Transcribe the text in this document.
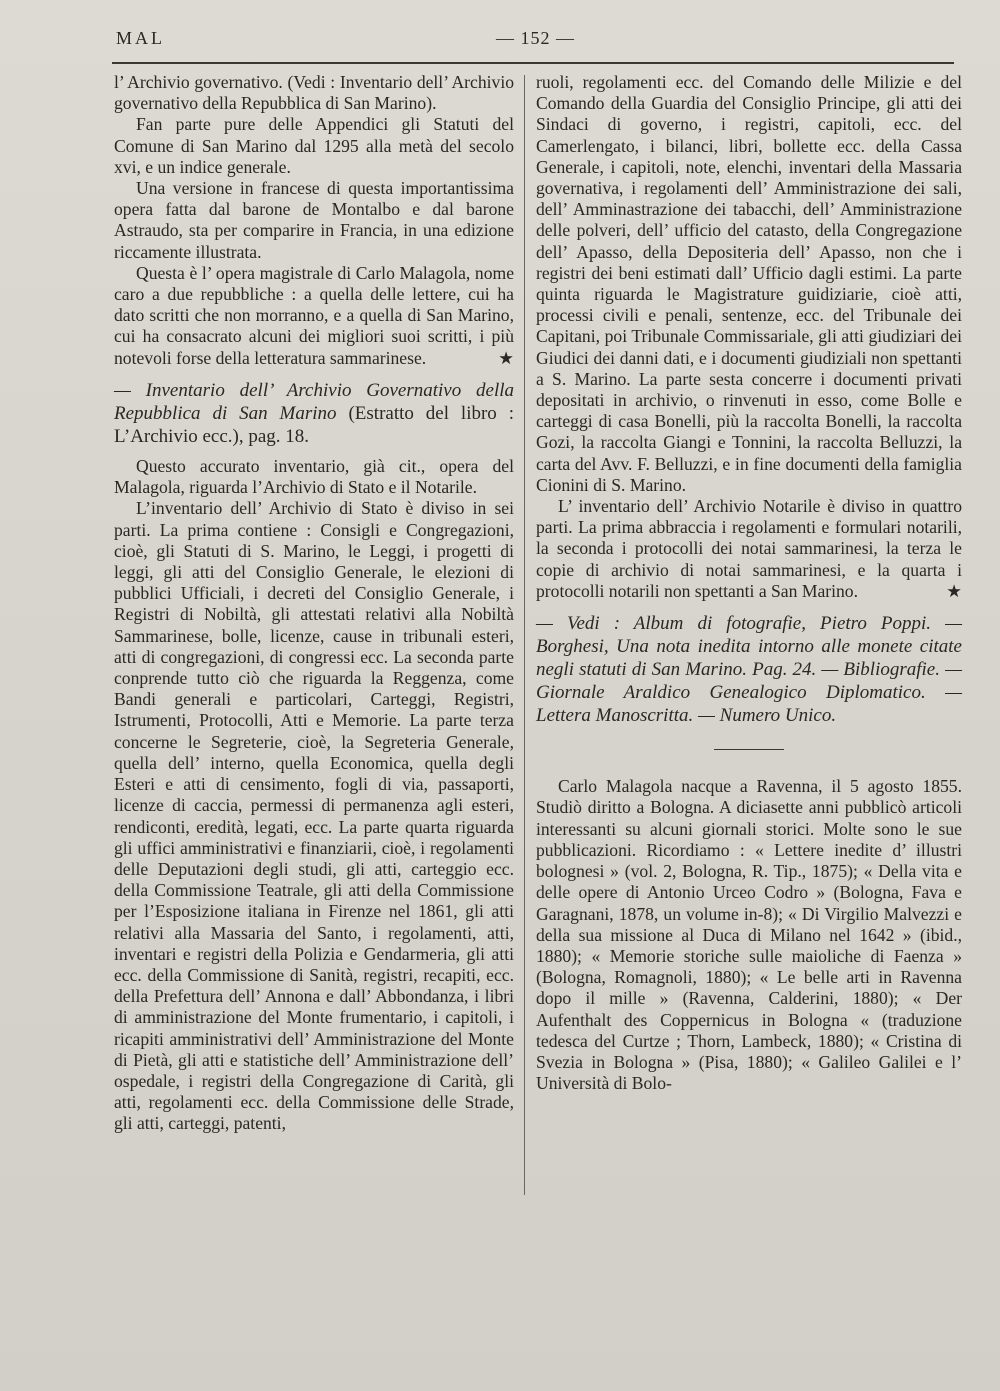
MAL	— 152 —

l’ Archivio governativo. (Vedi : Inventario dell’ Archivio governativo della Repubblica di San Marino).

Fan parte pure delle Appendici gli Statuti del Comune di San Marino dal 1295 alla metà del secolo xvi, e un indice generale.

Una versione in francese di questa importantissima opera fatta dal barone de Montalbo e dal barone Astraudo, sta per comparire in Francia, in una edizione riccamente illustrata.

Questa è l’ opera magistrale di Carlo Malagola, nome caro a due repubbliche : a quella delle lettere, cui ha dato scritti che non morranno, e a quella di San Marino, cui ha consacrato alcuni dei migliori suoi scritti, i più notevoli forse della letteratura sammarinese.	★

— Inventario dell’ Archivio Governativo della Repubblica di San Marino (Estratto del libro : L’Archivio ecc.), pag. 18.

Questo accurato inventario, già cit., opera del Malagola, riguarda l’Archivio di Stato e il Notarile.

L’inventario dell’ Archivio di Stato è diviso in sei parti. La prima contiene : Consigli e Congregazioni, cioè, gli Statuti di S. Marino, le Leggi, i progetti di leggi, gli atti del Consiglio Generale, le elezioni di pubblici Ufficiali, i decreti del Consiglio Generale, i Registri di Nobiltà, gli attestati relativi alla Nobiltà Sammarinese, bolle, licenze, cause in tribunali esteri, atti di congregazioni, di congressi ecc. La seconda parte conprende tutto ciò che riguarda la Reggenza, come Bandi generali e particolari, Carteggi, Registri, Istrumenti, Protocolli, Atti e Memorie. La parte terza concerne le Segreterie, cioè, la Segreteria Generale, quella dell’ interno, quella Economica, quella degli Esteri e atti di censimento, fogli di via, passaporti, licenze di caccia, permessi di permanenza agli esteri, rendiconti, eredità, legati, ecc. La parte quarta riguarda gli uffici amministrativi e finanziarii, cioè, i regolamenti delle Deputazioni degli studi, gli atti, carteggio ecc. della Commissione Teatrale, gli atti della Commissione per l’Esposizione italiana in Firenze nel 1861, gli atti relativi alla Massaria del Santo, i regolamenti, atti, inventari e registri della Polizia e Gendarmeria, gli atti ecc. della Commissione di Sanità, registri, recapiti, ecc. della Prefettura dell’ Annona e dall’ Abbondanza, i libri di amministrazione del Monte frumentario, i capitoli, i ricapiti amministrativi dell’ Amministrazione del Monte di Pietà, gli atti e statistiche dell’ Amministrazione dell’ ospedale, i registri della Congregazione di Carità, gli atti, regolamenti ecc. della Commissione delle Strade, gli atti, carteggi, patenti,

ruoli, regolamenti ecc. del Comando delle Milizie e del Comando della Guardia del Consiglio Principe, gli atti dei Sindaci di governo, i registri, capitoli, ecc. del Camerlengato, i bilanci, libri, bollette ecc. della Cassa Generale, i capitoli, note, elenchi, inventari della Massaria governativa, i regolamenti dell’ Amministrazione dei sali, dell’ Amminastrazione dei tabacchi, dell’ Amministrazione delle polveri, dell’ ufficio del catasto, della Congregazione dell’ Apasso, della Depositeria dell’ Apasso, non che i registri dei beni estimati dall’ Ufficio dagli estimi. La parte quinta riguarda le Magistrature guidiziarie, cioè atti, processi civili e penali, sentenze, ecc. del Tribunale dei Capitani, poi Tribunale Commissariale, gli atti giudiziari dei Giudici dei danni dati, e i documenti giudiziali non spettanti a S. Marino. La parte sesta concerre i documenti privati depositati in archivio, o rinvenuti in esso, come Bolle e carteggi di casa Bonelli, più la raccolta Bonelli, la raccolta Gozi, la raccolta Giangi e Tonnini, la raccolta Belluzzi, la carta del Avv. F. Belluzzi, e in fine documenti della famiglia Cionini di S. Marino.

L’ inventario dell’ Archivio Notarile è diviso in quattro parti. La prima abbraccia i regolamenti e formulari notarili, la seconda i protocolli dei notai sammarinesi, la terza le copie di archivio di notai sammarinesi, e la quarta i protocolli notarili non spettanti a San Marino.	★

— Vedi : Album di fotografie, Pietro Poppi. — Borghesi, Una nota inedita intorno alle monete citate negli statuti di San Marino. Pag. 24. — Bibliografie. — Giornale Araldico Genealogico Diplomatico. — Lettera Manoscritta. — Numero Unico.

Carlo Malagola nacque a Ravenna, il 5 agosto 1855. Studiò diritto a Bologna. A diciasette anni pubblicò articoli interessanti su alcuni giornali storici. Molte sono le sue pubblicazioni. Ricordiamo : « Lettere inedite d’ illustri bolognesi » (vol. 2, Bologna, R. Tip., 1875); « Della vita e delle opere di Antonio Urceo Codro » (Bologna, Fava e Garagnani, 1878, un volume in-8); « Di Virgilio Malvezzi e della sua missione al Duca di Milano nel 1642 » (ibid., 1880); « Memorie storiche sulle maioliche di Faenza » (Bologna, Romagnoli, 1880); « Le belle arti in Ravenna dopo il mille » (Ravenna, Calderini, 1880); « Der Aufenthalt des Coppernicus in Bologna « (traduzione tedesca del Curtze ; Thorn, Lambeck, 1880); « Cristina di Svezia in Bologna » (Pisa, 1880); « Galileo Galilei e l’ Università di Bolo-
